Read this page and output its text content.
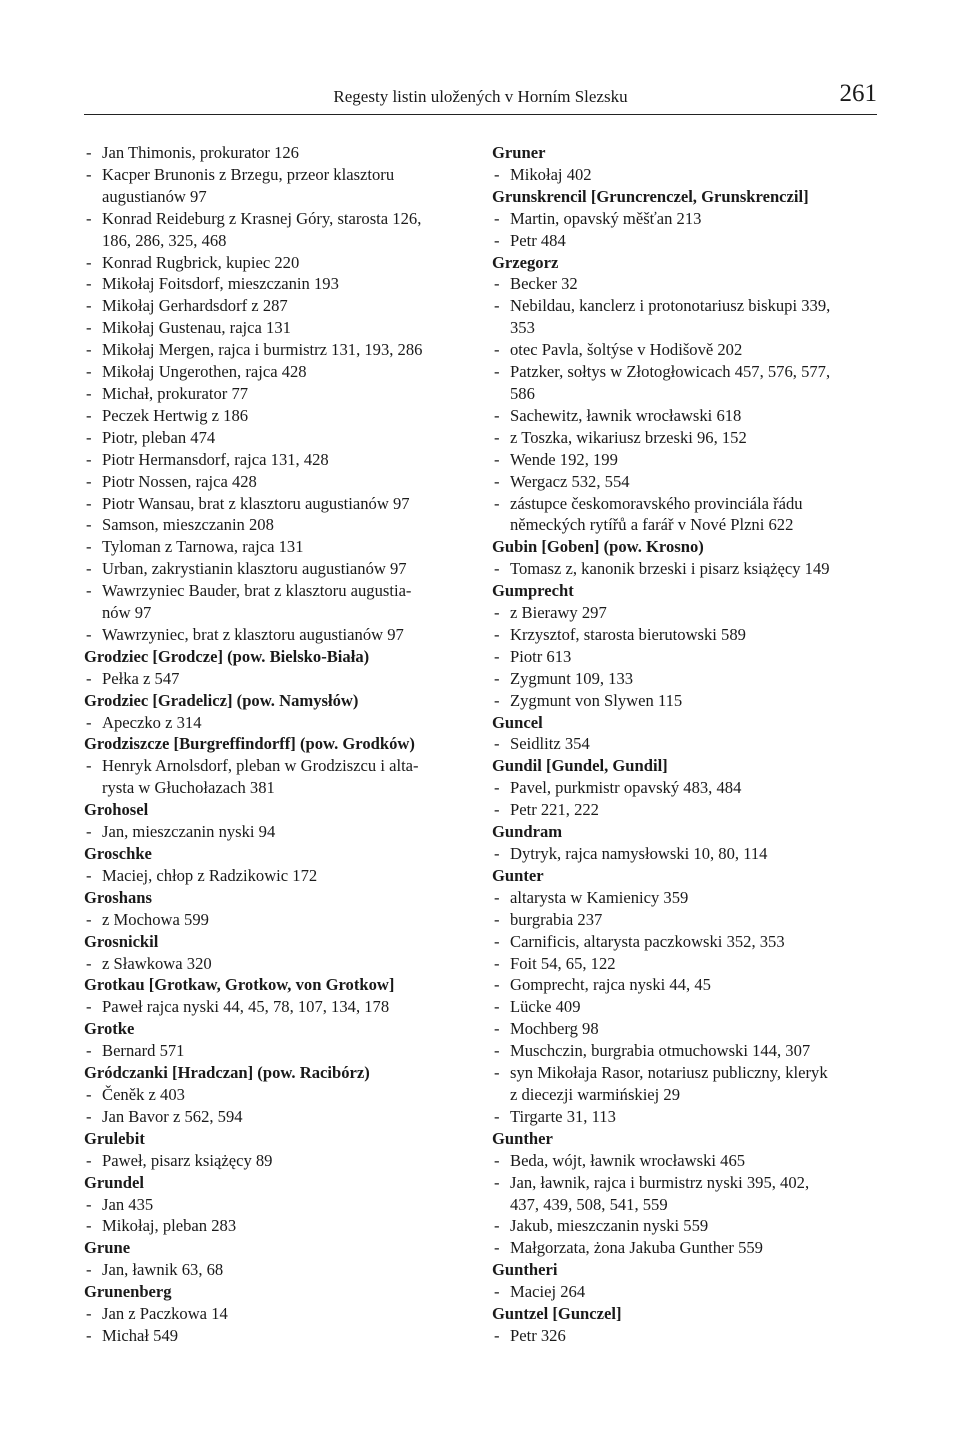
Regesty listin uložených v Horním Slezsku	261
- Jan Thimonis, prokurator 126
- Kacper Brunonis z Brzegu, przeor klasztoru
augustianów 97
- Konrad Reideburg z Krasnej Góry, starosta 126,
186, 286, 325, 468
- Konrad Rugbrick, kupiec 220
- Mikołaj Foitsdorf, mieszczanin 193
- Mikołaj Gerhardsdorf z 287
- Mikołaj Gustenau, rajca 131
- Mikołaj Mergen, rajca i burmistrz 131, 193, 286
- Mikołaj Ungerothen, rajca 428
- Michał, prokurator 77
- Peczek Hertwig z 186
- Piotr, pleban 474
- Piotr Hermansdorf, rajca 131, 428
- Piotr Nossen, rajca 428
- Piotr Wansau, brat z klasztoru augustianów 97
- Samson, mieszczanin 208
- Tyloman z Tarnowa, rajca 131
- Urban, zakrystianin klasztoru augustianów 97
- Wawrzyniec Bauder, brat z klasztoru augustia-
nów 97
- Wawrzyniec, brat z klasztoru augustianów 97
Grodziec [Grodcze] (pow. Bielsko-Biała)
- Pełka z 547
Grodziec [Gradelicz] (pow. Namysłów)
- Apeczko z 314
Grodziszcze [Burgreffindorff] (pow. Grodków)
- Henryk Arnolsdorf, pleban w Grodziszcu i alta-
rysta w Głuchołazach 381
Grohosel
- Jan, mieszczanin nyski 94
Groschke
- Maciej, chłop z Radzikowic 172
Groshans
- z Mochowa 599
Grosnickil
- z Sławkowa 320
Grotkau [Grotkaw, Grotkow, von Grotkow]
- Paweł rajca nyski 44, 45, 78, 107, 134, 178
Grotke
- Bernard 571
Gródczanki [Hradczan] (pow. Racibórz)
- Čeněk z 403
- Jan Bavor z 562, 594
Grulebit
- Paweł, pisarz książęcy 89
Grundel
- Jan 435
- Mikołaj, pleban 283
Grune
- Jan, ławnik 63, 68
Grunenberg
- Jan z Paczkowa 14
- Michał 549
Gruner
- Mikołaj 402
Grunskrencil [Gruncrenczel, Grunskrenczil]
- Martin, opavský měšťan 213
- Petr 484
Grzegorz
- Becker 32
- Nebildau, kanclerz i protonotariusz biskupi 339,
353
- otec Pavla, šoltýse v Hodišově 202
- Patzker, sołtys w Złotogłowicach 457, 576, 577,
586
- Sachewitz, ławnik wrocławski 618
- z Toszka, wikariusz brzeski 96, 152
- Wende 192, 199
- Wergacz 532, 554
- zástupce českomoravského provinciála řádu
německých rytířů a farář v Nové Plzni 622
Gubin [Goben] (pow. Krosno)
- Tomasz z, kanonik brzeski i pisarz książęcy 149
Gumprecht
- z Bierawy 297
- Krzysztof, starosta bierutowski 589
- Piotr 613
- Zygmunt 109, 133
- Zygmunt von Slywen 115
Guncel
- Seidlitz 354
Gundil [Gundel, Gundil]
- Pavel, purkmistr opavský 483, 484
- Petr 221, 222
Gundram
- Dytryk, rajca namysłowski 10, 80, 114
Gunter
- altarysta w Kamienicy 359
- burgrabia 237
- Carnificis, altarysta paczkowski 352, 353
- Foit 54, 65, 122
- Gomprecht, rajca nyski 44, 45
- Lücke 409
- Mochberg 98
- Muschczin, burgrabia otmuchowski 144, 307
- syn Mikołaja Rasor, notariusz publiczny, kleryk
z diecezji warmińskiej 29
- Tirgarte 31, 113
Gunther
- Beda, wójt, ławnik wrocławski 465
- Jan, ławnik, rajca i burmistrz nyski 395, 402,
437, 439, 508, 541, 559
- Jakub, mieszczanin nyski 559
- Małgorzata, żona Jakuba Gunther 559
Guntheri
- Maciej 264
Guntzel [Gunczel]
- Petr 326
